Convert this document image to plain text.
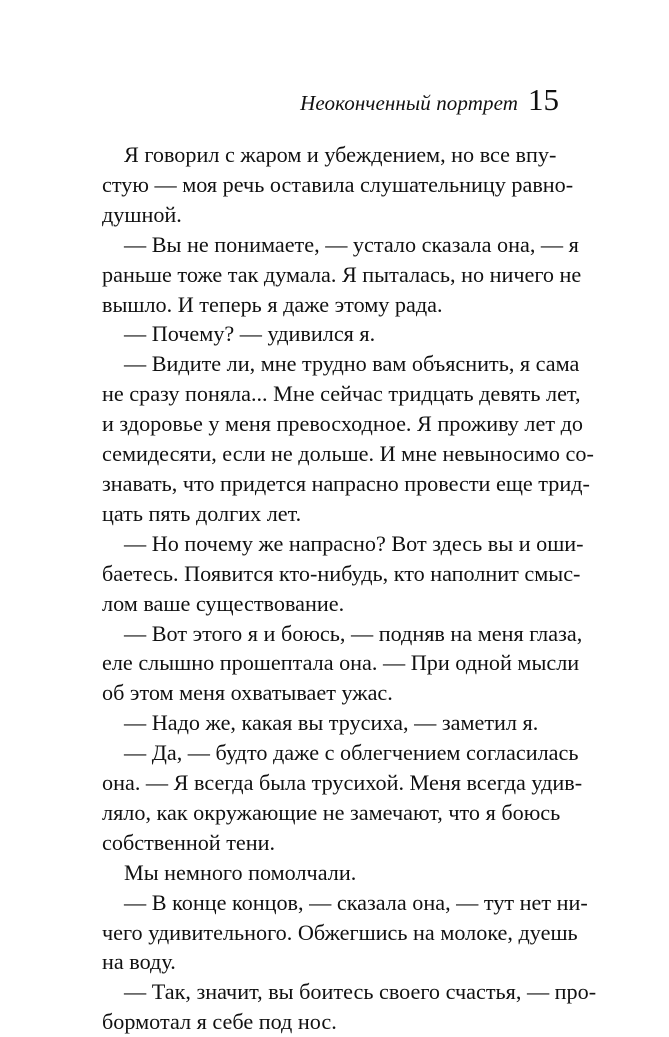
Неоконченный портрет 15
Я говорил с жаром и убеждением, но все впу-
стую — моя речь оставила слушательницу равно-
душной.
— Вы не понимаете, — устало сказала она, — я
раньше тоже так думала. Я пыталась, но ничего не
вышло. И теперь я даже этому рада.
— Почему? — удивился я.
— Видите ли, мне трудно вам объяснить, я сама
не сразу поняла... Мне сейчас тридцать девять лет,
и здоровье у меня превосходное. Я проживу лет до
семидесяти, если не дольше. И мне невыносимо со-
знавать, что придется напрасно провести еще трид-
цать пять долгих лет.
— Но почему же напрасно? Вот здесь вы и оши-
баетесь. Появится кто-нибудь, кто наполнит смыс-
лом ваше существование.
— Вот этого я и боюсь, — подняв на меня глаза,
еле слышно прошептала она. — При одной мысли
об этом меня охватывает ужас.
— Надо же, какая вы трусиха, — заметил я.
— Да, — будто даже с облегчением согласилась
она. — Я всегда была трусихой. Меня всегда удив-
ляло, как окружающие не замечают, что я боюсь
собственной тени.
Мы немного помолчали.
— В конце концов, — сказала она, — тут нет ни-
чего удивительного. Обжегшись на молоке, дуешь
на воду.
— Так, значит, вы боитесь своего счастья, — про-
бормотал я себе под нос.
